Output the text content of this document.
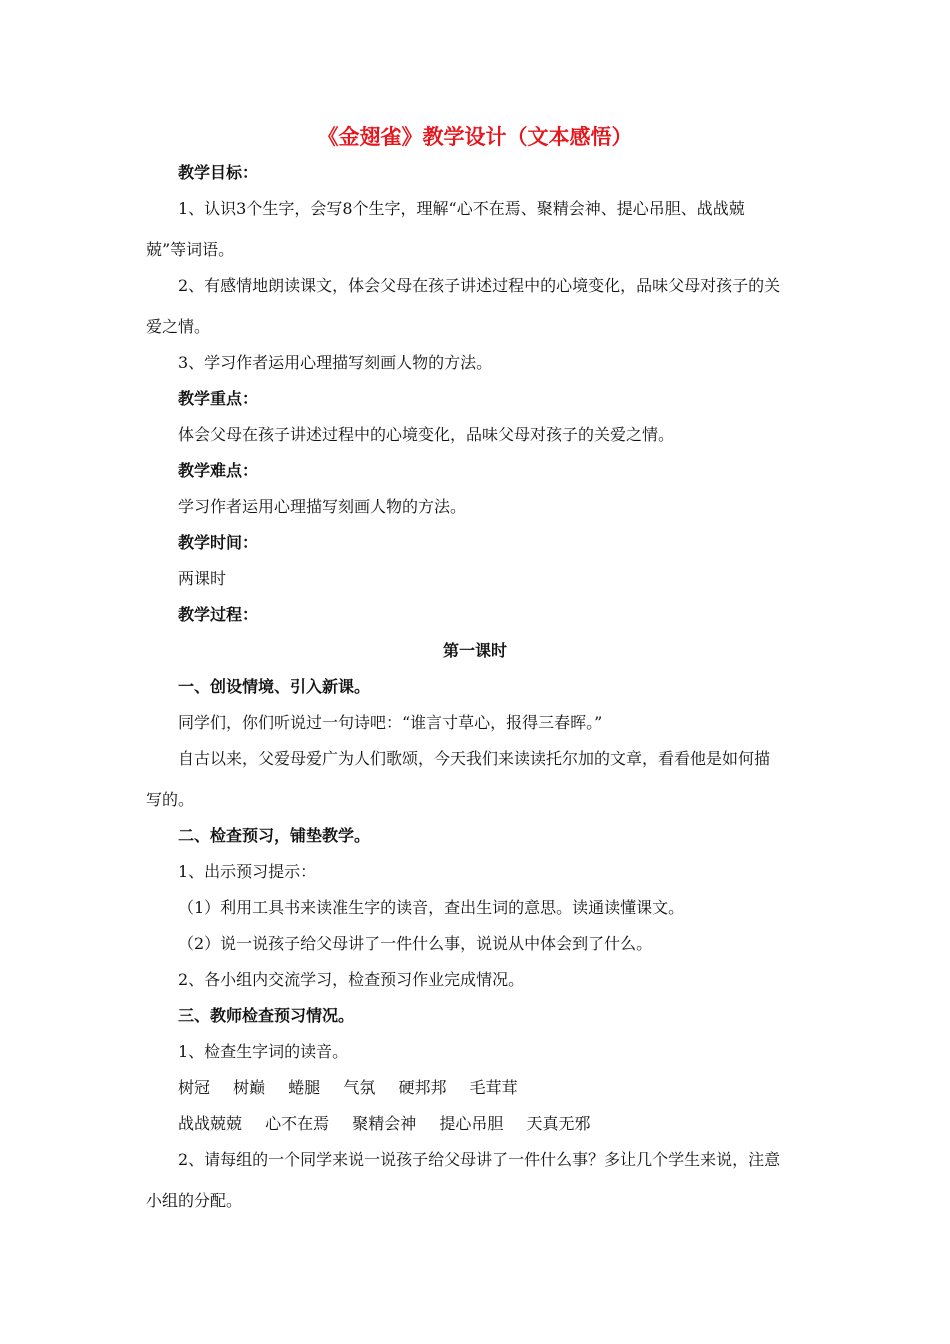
《金翅雀》教学设计（文本感悟）
教学目标：
1、认识3个生字，会写8个生字，理解“心不在焉、聚精会神、提心吊胆、战战兢
兢”等词语。
2、有感情地朗读课文，体会父母在孩子讲述过程中的心境变化，品味父母对孩子的关
爱之情。
3、学习作者运用心理描写刻画人物的方法。
教学重点：
体会父母在孩子讲述过程中的心境变化，品味父母对孩子的关爱之情。
教学难点：
学习作者运用心理描写刻画人物的方法。
教学时间：
两课时
教学过程：
第一课时
一、创设情境、引入新课。
同学们，你们听说过一句诗吧：“谁言寸草心，报得三春晖。”
自古以来，父爱母爱广为人们歌颂，今天我们来读读托尔加的文章，看看他是如何描
写的。
二、检查预习，铺垫教学。
1、出示预习提示：
（1）利用工具书来读准生字的读音，查出生词的意思。读通读懂课文。
（2）说一说孩子给父母讲了一件什么事，说说从中体会到了什么。
2、各小组内交流学习，检查预习作业完成情况。
三、教师检查预习情况。
1、检查生字词的读音。
树冠 树巅 蜷腿 气氛 硬邦邦 毛茸茸
战战兢兢 心不在焉 聚精会神 提心吊胆 天真无邪
2、请每组的一个同学来说一说孩子给父母讲了一件什么事？多让几个学生来说，注意
小组的分配。
